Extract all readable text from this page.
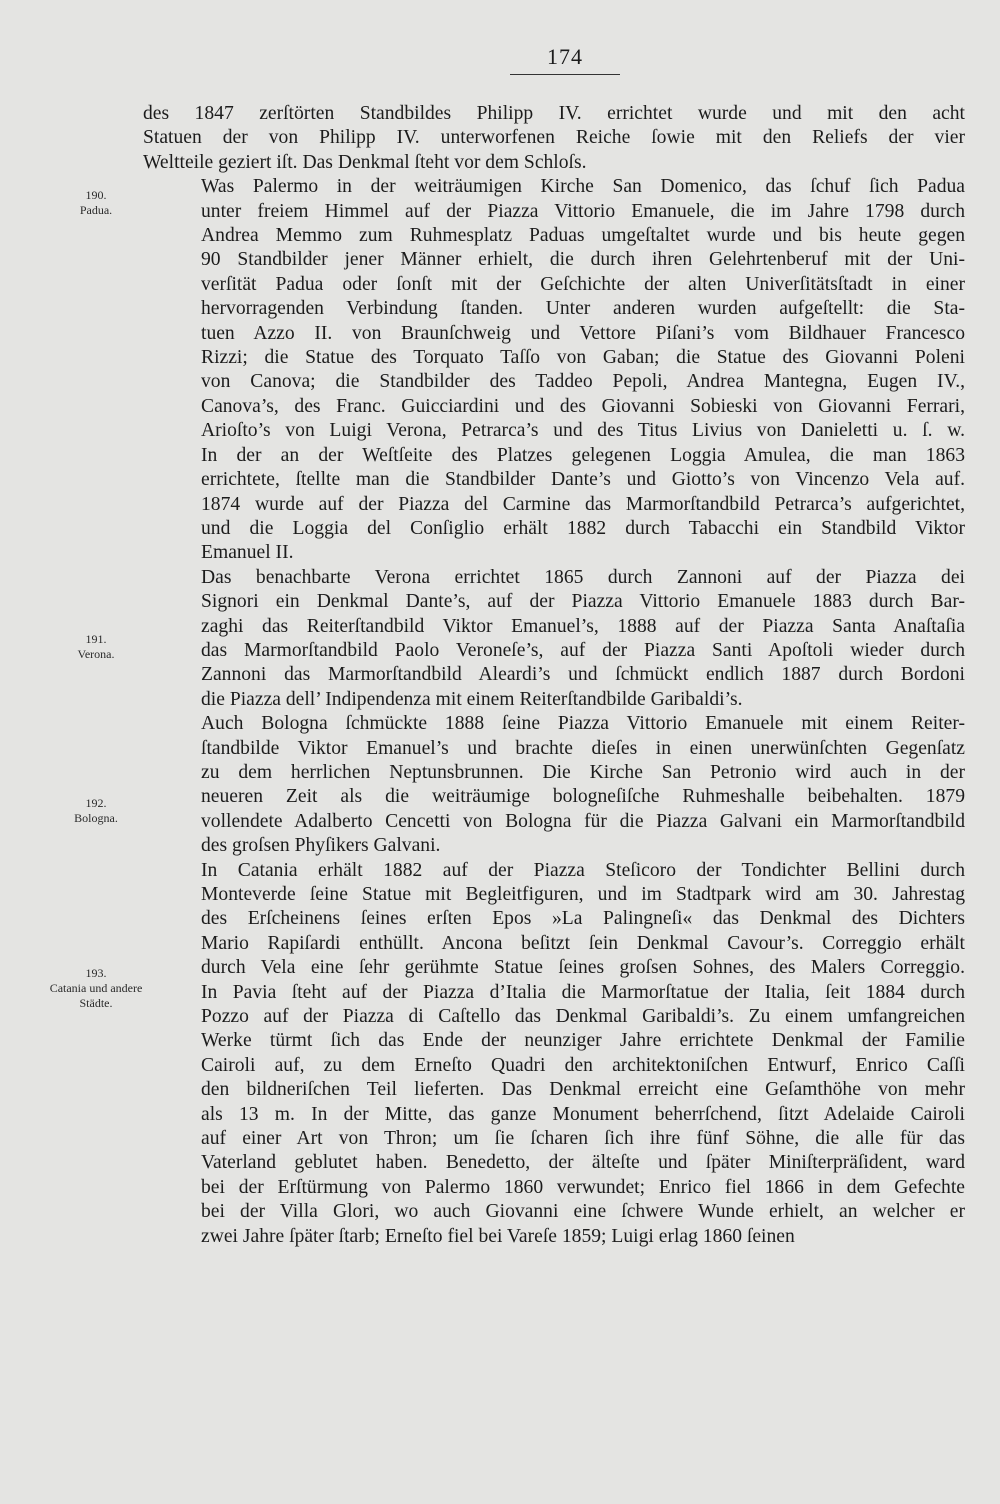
174
190.
Padua.
191.
Verona.
192.
Bologna.
193.
Catania und andere Städte.

des 1847 zerſtörten Standbildes Philipp IV. errichtet wurde und mit den acht
Statuen der von Philipp IV. unterworfenen Reiche ſowie mit den Reliefs der vier
Weltteile geziert iſt. Das Denkmal ſteht vor dem Schloſs.

Was Palermo in der weiträumigen Kirche San Domenico, das ſchuf ſich Padua
unter freiem Himmel auf der Piazza Vittorio Emanuele, die im Jahre 1798 durch
Andrea Memmo zum Ruhmesplatz Paduas umgeſtaltet wurde und bis heute gegen
90 Standbilder jener Männer erhielt, die durch ihren Gelehrtenberuf mit der Uni-
verſität Padua oder ſonſt mit der Geſchichte der alten Univerſitätsſtadt in einer
hervorragenden Verbindung ſtanden. Unter anderen wurden aufgeſtellt: die Sta-
tuen Azzo II. von Braunſchweig und Vettore Piſani’s vom Bildhauer Francesco
Rizzi; die Statue des Torquato Taſſo von Gaban; die Statue des Giovanni Poleni
von Canova; die Standbilder des Taddeo Pepoli, Andrea Mantegna, Eugen IV.,
Canova’s, des Franc. Guicciardini und des Giovanni Sobieski von Giovanni Ferrari,
Arioſto’s von Luigi Verona, Petrarca’s und des Titus Livius von Danieletti u. ſ. w.
In der an der Weſtſeite des Platzes gelegenen Loggia Amulea, die man 1863
errichtete, ſtellte man die Standbilder Dante’s und Giotto’s von Vincenzo Vela auf.
1874 wurde auf der Piazza del Carmine das Marmorſtandbild Petrarca’s aufgerichtet,
und die Loggia del Conſiglio erhält 1882 durch Tabacchi ein Standbild Viktor
Emanuel II.

Das benachbarte Verona errichtet 1865 durch Zannoni auf der Piazza dei
Signori ein Denkmal Dante’s, auf der Piazza Vittorio Emanuele 1883 durch Bar-
zaghi das Reiterſtandbild Viktor Emanuel’s, 1888 auf der Piazza Santa Anaſtaſia
das Marmorſtandbild Paolo Veroneſe’s, auf der Piazza Santi Apoſtoli wieder durch
Zannoni das Marmorſtandbild Aleardi’s und ſchmückt endlich 1887 durch Bordoni
die Piazza dell’ Indipendenza mit einem Reiterſtandbilde Garibaldi’s.

Auch Bologna ſchmückte 1888 ſeine Piazza Vittorio Emanuele mit einem Reiter-
ſtandbilde Viktor Emanuel’s und brachte dieſes in einen unerwünſchten Gegenſatz
zu dem herrlichen Neptunsbrunnen. Die Kirche San Petronio wird auch in der
neueren Zeit als die weiträumige bologneſiſche Ruhmeshalle beibehalten. 1879
vollendete Adalberto Cencetti von Bologna für die Piazza Galvani ein Marmorſtandbild
des groſsen Phyſikers Galvani.

In Catania erhält 1882 auf der Piazza Steſicoro der Tondichter Bellini durch
Monteverde ſeine Statue mit Begleitfiguren, und im Stadtpark wird am 30. Jahrestag
des Erſcheinens ſeines erſten Epos »La Palingneſi« das Denkmal des Dichters
Mario Rapiſardi enthüllt. Ancona beſitzt ſein Denkmal Cavour’s. Correggio erhält
durch Vela eine ſehr gerühmte Statue ſeines groſsen Sohnes, des Malers Correggio.
In Pavia ſteht auf der Piazza d’Italia die Marmorſtatue der Italia, ſeit 1884 durch
Pozzo auf der Piazza di Caſtello das Denkmal Garibaldi’s. Zu einem umfangreichen
Werke türmt ſich das Ende der neunziger Jahre errichtete Denkmal der Familie
Cairoli auf, zu dem Erneſto Quadri den architektoniſchen Entwurf, Enrico Caſſi
den bildneriſchen Teil lieferten. Das Denkmal erreicht eine Geſamthöhe von mehr
als 13 m. In der Mitte, das ganze Monument beherrſchend, ſitzt Adelaide Cairoli
auf einer Art von Thron; um ſie ſcharen ſich ihre fünf Söhne, die alle für das
Vaterland geblutet haben. Benedetto, der älteſte und ſpäter Miniſterpräſident, ward
bei der Erſtürmung von Palermo 1860 verwundet; Enrico fiel 1866 in dem Gefechte
bei der Villa Glori, wo auch Giovanni eine ſchwere Wunde erhielt, an welcher er
zwei Jahre ſpäter ſtarb; Erneſto fiel bei Vareſe 1859; Luigi erlag 1860 ſeinen
